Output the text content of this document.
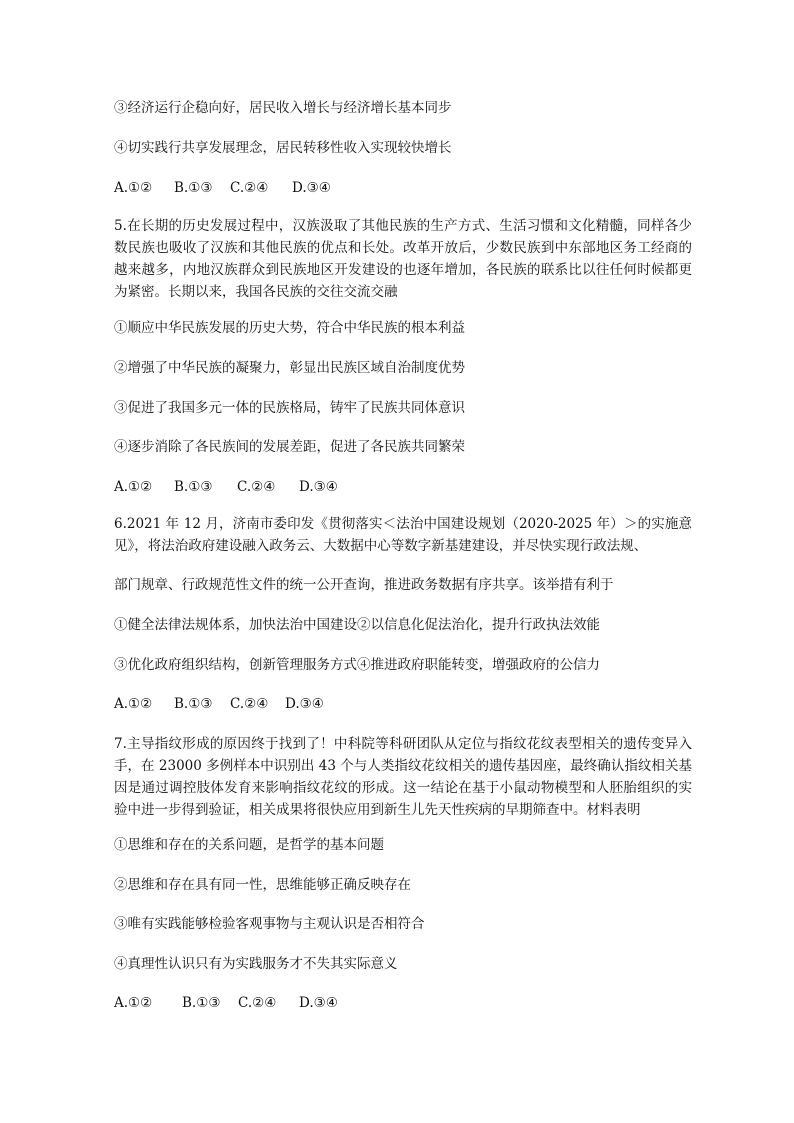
③经济运行企稳向好，居民收入增长与经济增长基本同步
④切实践行共享发展理念，居民转移性收入实现较快增长
A.①② B.①③ C.②④ D.③④
5.在长期的历史发展过程中，汉族汲取了其他民族的生产方式、生活习惯和文化精髓，同样各少数民族也吸收了汉族和其他民族的优点和长处。改革开放后，少数民族到中东部地区务工经商的越来越多，内地汉族群众到民族地区开发建设的也逐年增加，各民族的联系比以往任何时候都更为紧密。长期以来，我国各民族的交往交流交融
①顺应中华民族发展的历史大势，符合中华民族的根本利益
②增强了中华民族的凝聚力，彰显出民族区域自治制度优势
③促进了我国多元一体的民族格局，铸牢了民族共同体意识
④逐步消除了各民族间的发展差距，促进了各民族共同繁荣
A.①② B.①③ C.②④ D.③④
6.2021 年 12 月，济南市委印发《贯彻落实＜法治中国建设规划（2020-2025 年）＞的实施意见》，将法治政府建设融入政务云、大数据中心等数字新基建建设，并尽快实现行政法规、
部门规章、行政规范性文件的统一公开查询，推进政务数据有序共享。该举措有利于
①健全法律法规体系，加快法治中国建设②以信息化促法治化，提升行政执法效能
③优化政府组织结构，创新管理服务方式④推进政府职能转变，增强政府的公信力
A.①② B.①③ C.②④ D.③④
7.主导指纹形成的原因终于找到了！中科院等科研团队从定位与指纹花纹表型相关的遗传变异入手，在 23000 多例样本中识别出 43 个与人类指纹花纹相关的遗传基因座，最终确认指纹相关基因是通过调控肢体发育来影响指纹花纹的形成。这一结论在基于小鼠动物模型和人胚胎组织的实验中进一步得到验证，相关成果将很快应用到新生儿先天性疾病的早期筛查中。材料表明
①思维和存在的关系问题，是哲学的基本问题
②思维和存在具有同一性，思维能够正确反映存在
③唯有实践能够检验客观事物与主观认识是否相符合
④真理性认识只有为实践服务才不失其实际意义
A.①② B.①③ C.②④ D.③④
